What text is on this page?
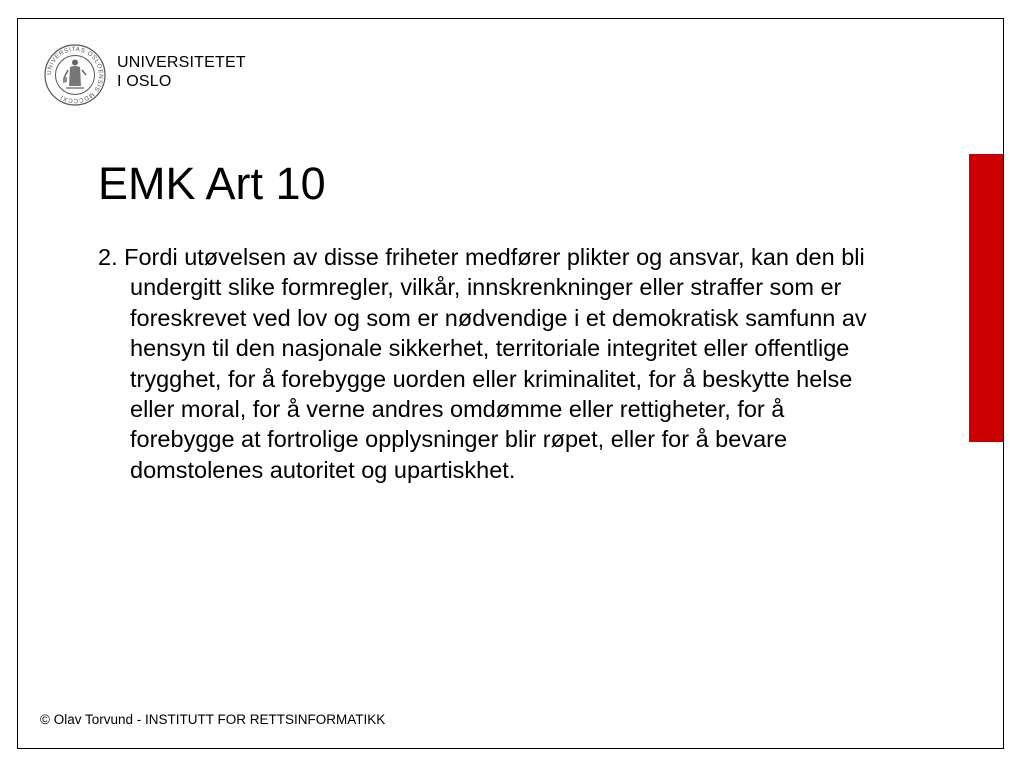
UNIVERSITAS OSLOENSIS MDCCCXI
UNIVERSITETET
I OSLO
EMK Art 10

2. Fordi utøvelsen av disse friheter medfører plikter og ansvar, kan den bli undergitt slike formregler, vilkår, innskrenkninger eller straffer som er foreskrevet ved lov og som er nødvendige i et demokratisk samfunn av hensyn til den nasjonale sikkerhet, territoriale integritet eller offentlige trygghet, for å forebygge uorden eller kriminalitet, for å beskytte helse eller moral, for å verne andres omdømme eller rettigheter, for å forebygge at fortrolige opplysninger blir røpet, eller for å bevare domstolenes autoritet og upartiskhet.

© Olav Torvund - INSTITUTT FOR RETTSINFORMATIKK
